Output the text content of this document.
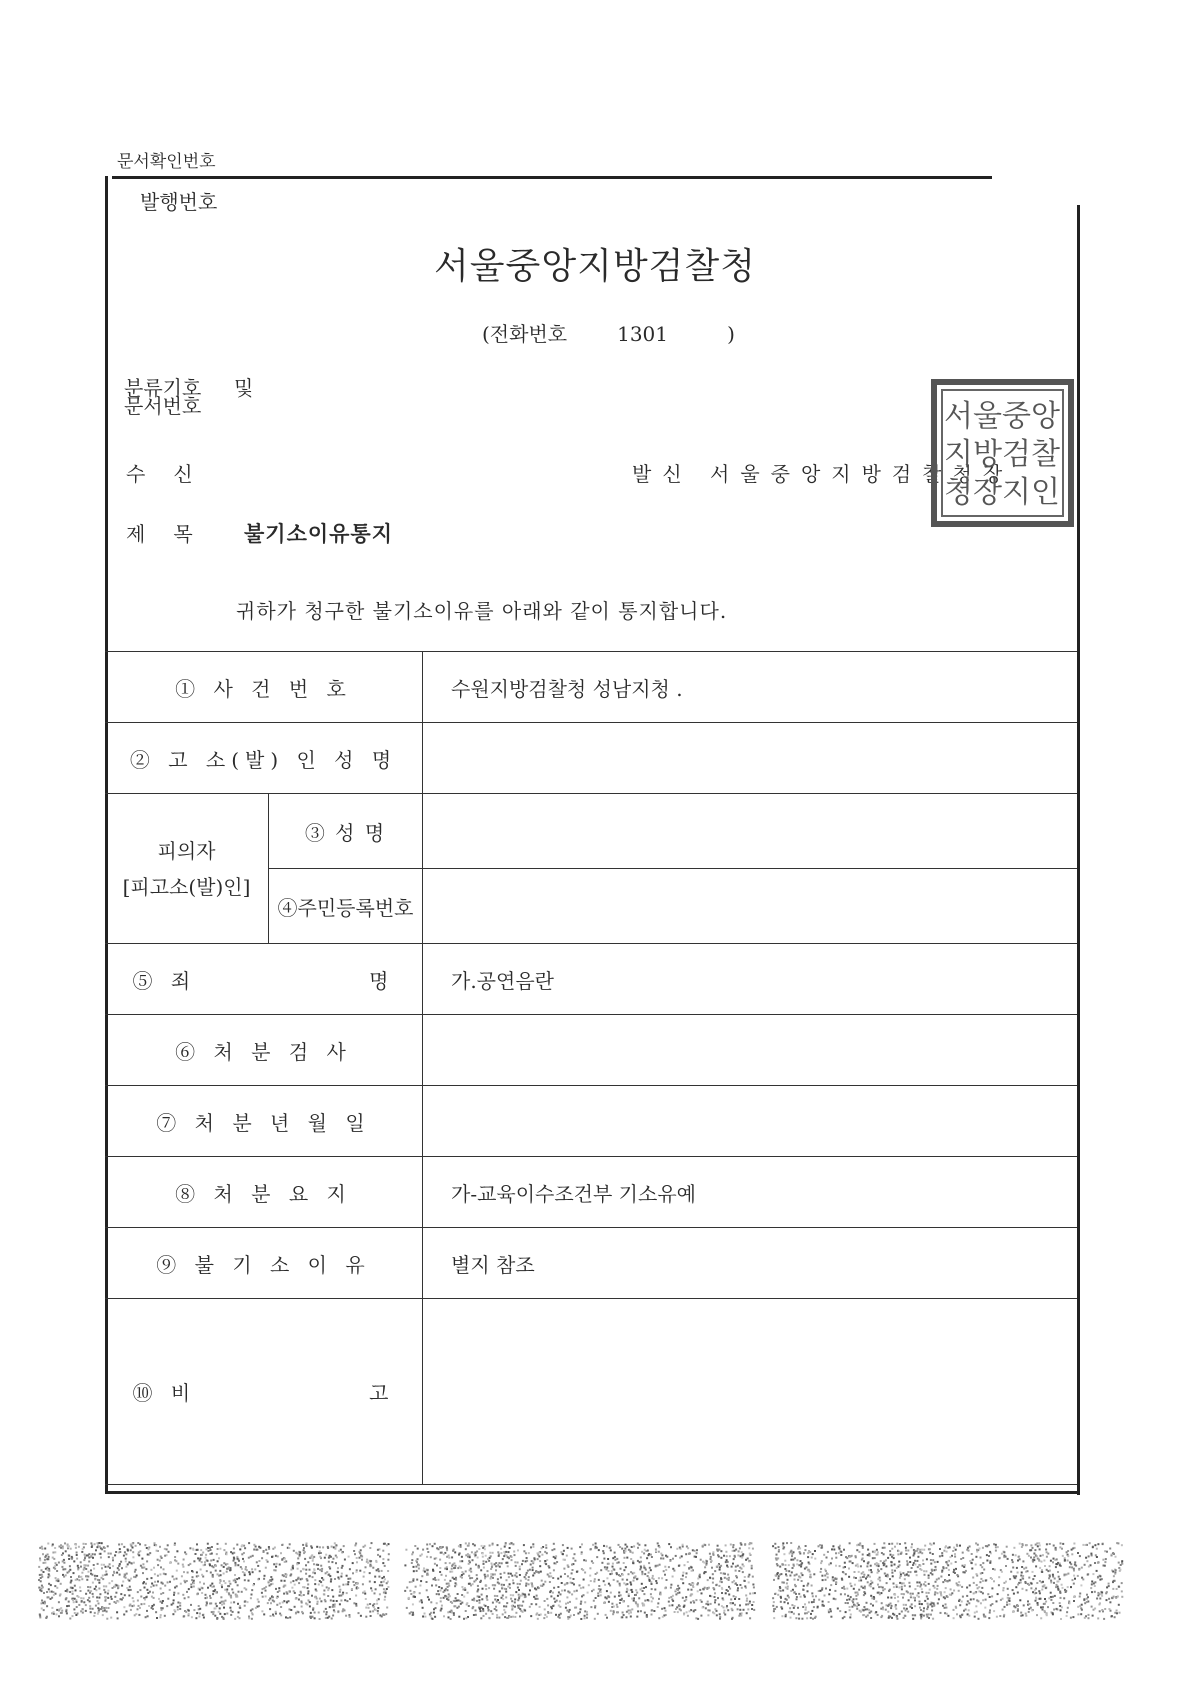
문서확인번호
발행번호
서울중앙지방검찰청
(전화번호	1301	)
분류기호
문서번호
및
수신	발신 서울중앙지방검찰청장
제목 불기소이유통지
귀하가 청구한 불기소이유를 아래와 같이 통지합니다.
서울중앙
지방검찰
청장지인
① 사 건 번 호		수원지방검찰청 성남지청 .
② 고 소(발) 인 성 명		

피의자
[피고소(발)인]	③ 성 명	
	④주민등록번호	
⑤ 죄              명		가.공연음란
⑥ 처 분 검 사		
⑦ 처 분 년 월 일		
⑧ 처 분 요 지		가-교육이수조건부 기소유예
⑨ 불 기 소 이 유		별지 참조
⑩ 비              고		
